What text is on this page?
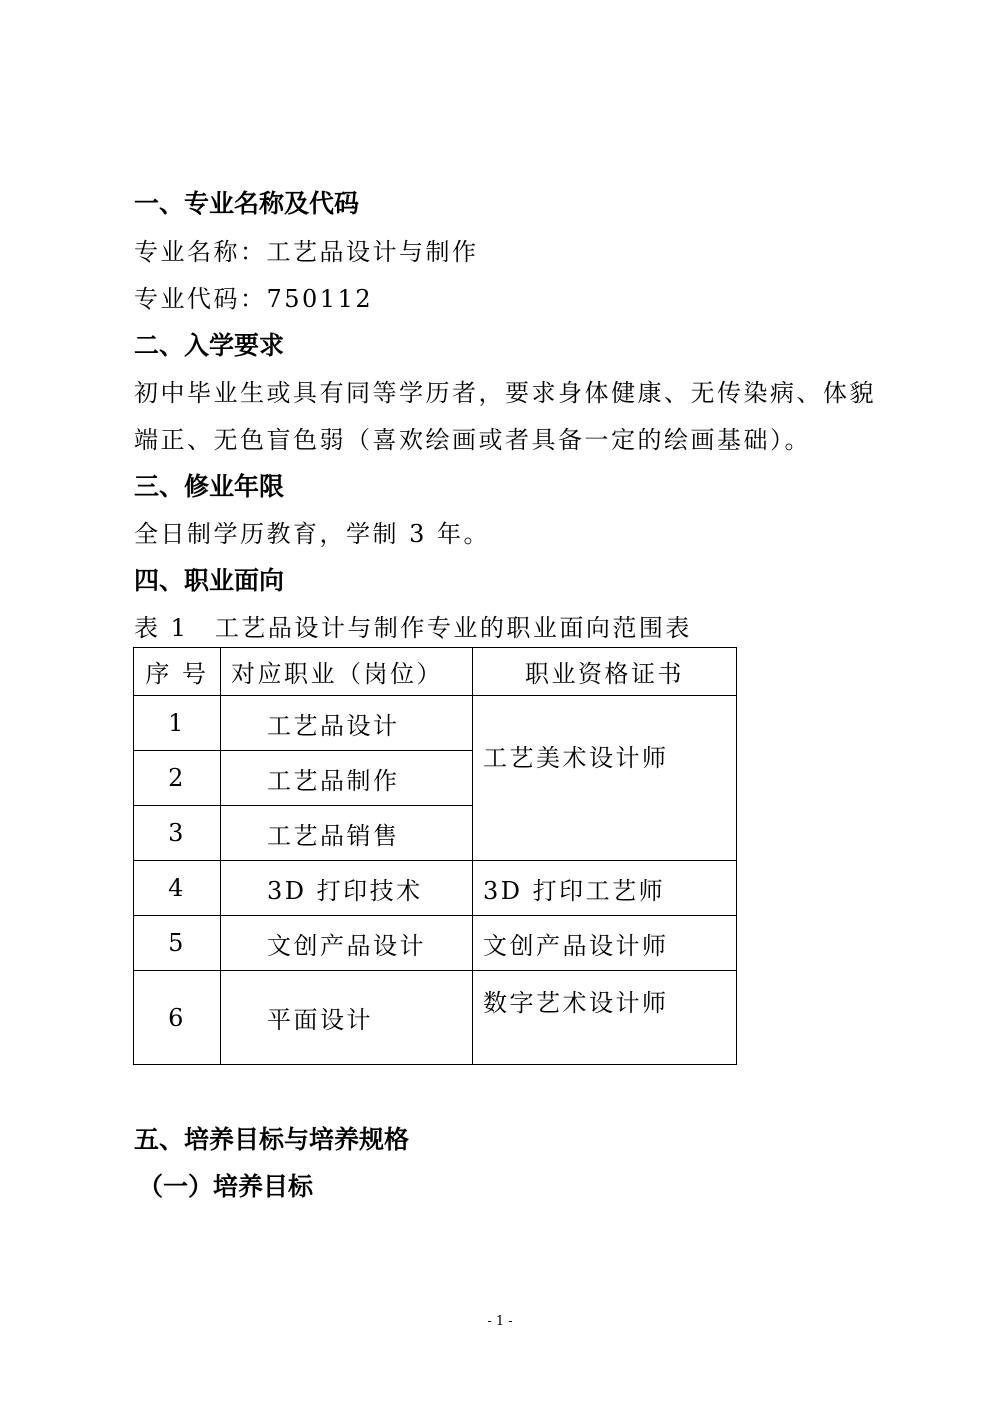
一、专业名称及代码

专业名称：工艺品设计与制作

专业代码：750112

二、入学要求

初中毕业生或具有同等学历者，要求身体健康、无传染病、体貌

端正、无色盲色弱（喜欢绘画或者具备一定的绘画基础）。

三、修业年限

全日制学历教育，学制 3 年。

四、职业面向

表 1　工艺品设计与制作专业的职业面向范围表

序 号	对应职业（岗位）	职业资格证书
1	工艺品设计	工艺美术设计师
2	工艺品制作	
3	工艺品销售	
4	3D 打印技术	3D 打印工艺师
5	文创产品设计	文创产品设计师
6	平面设计	数字艺术设计师
五、培养目标与培养规格
（一）培养目标
- 1 -
